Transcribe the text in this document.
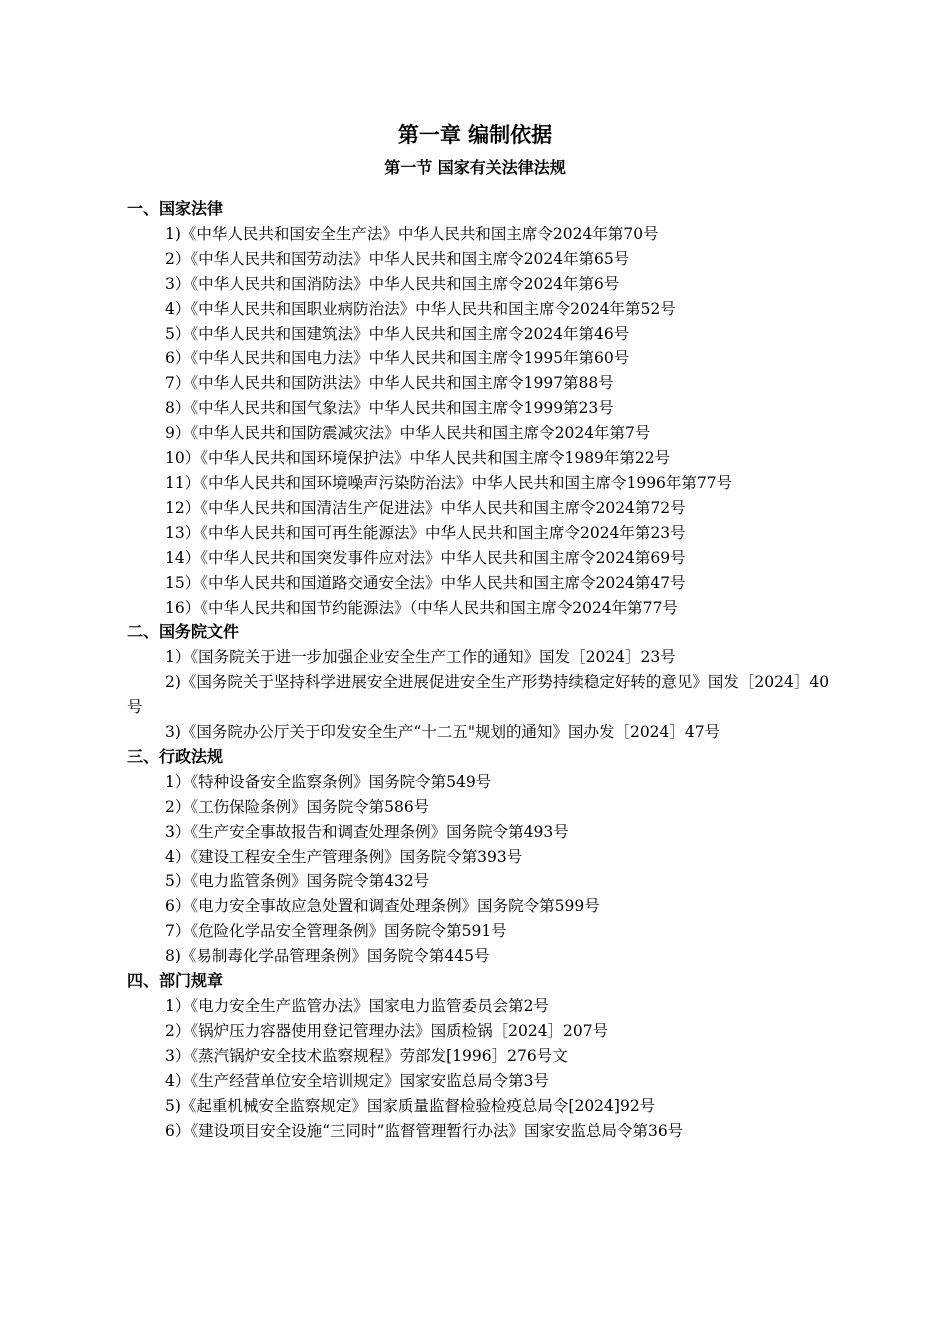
第一章 编制依据
第一节 国家有关法律法规
一、国家法律
1)《中华人民共和国安全生产法》中华人民共和国主席令2024年第70号
2）《中华人民共和国劳动法》中华人民共和国主席令2024年第65号
3）《中华人民共和国消防法》中华人民共和国主席令2024年第6号
4）《中华人民共和国职业病防治法》中华人民共和国主席令2024年第52号
5）《中华人民共和国建筑法》中华人民共和国主席令2024年第46号
6）《中华人民共和国电力法》中华人民共和国主席令1995年第60号
7）《中华人民共和国防洪法》中华人民共和国主席令1997第88号
8）《中华人民共和国气象法》中华人民共和国主席令1999第23号
9）《中华人民共和国防震减灾法》中华人民共和国主席令2024年第7号
10）《中华人民共和国环境保护法》中华人民共和国主席令1989年第22号
11）《中华人民共和国环境噪声污染防治法》中华人民共和国主席令1996年第77号
12）《中华人民共和国清洁生产促进法》中华人民共和国主席令2024第72号
13）《中华人民共和国可再生能源法》中华人民共和国主席令2024年第23号
14）《中华人民共和国突发事件应对法》中华人民共和国主席令2024第69号
15）《中华人民共和国道路交通安全法》中华人民共和国主席令2024第47号
16）《中华人民共和国节约能源法》（中华人民共和国主席令2024年第77号
二、国务院文件
1）《国务院关于进一步加强企业安全生产工作的通知》国发［2024］23号
2)《国务院关于坚持科学进展安全进展促进安全生产形势持续稳定好转的意见》国发［2024］40号
3)《国务院办公厅关于印发安全生产“十二五"规划的通知》国办发［2024］47号
三、行政法规
1）《特种设备安全监察条例》国务院令第549号
2）《工伤保险条例》国务院令第586号
3）《生产安全事故报告和调查处理条例》国务院令第493号
4）《建设工程安全生产管理条例》国务院令第393号
5）《电力监管条例》国务院令第432号
6）《电力安全事故应急处置和调查处理条例》国务院令第599号
7）《危险化学品安全管理条例》国务院令第591号
8)《易制毒化学品管理条例》国务院令第445号
四、部门规章
1）《电力安全生产监管办法》国家电力监管委员会第2号
2）《锅炉压力容器使用登记管理办法》国质检锅［2024］207号
3）《蒸汽锅炉安全技术监察规程》劳部发[1996］276号文
4）《生产经营单位安全培训规定》国家安监总局令第3号
5)《起重机械安全监察规定》国家质量监督检验检疫总局令[2024]92号
6）《建设项目安全设施“三同时”监督管理暂行办法》国家安监总局令第36号
